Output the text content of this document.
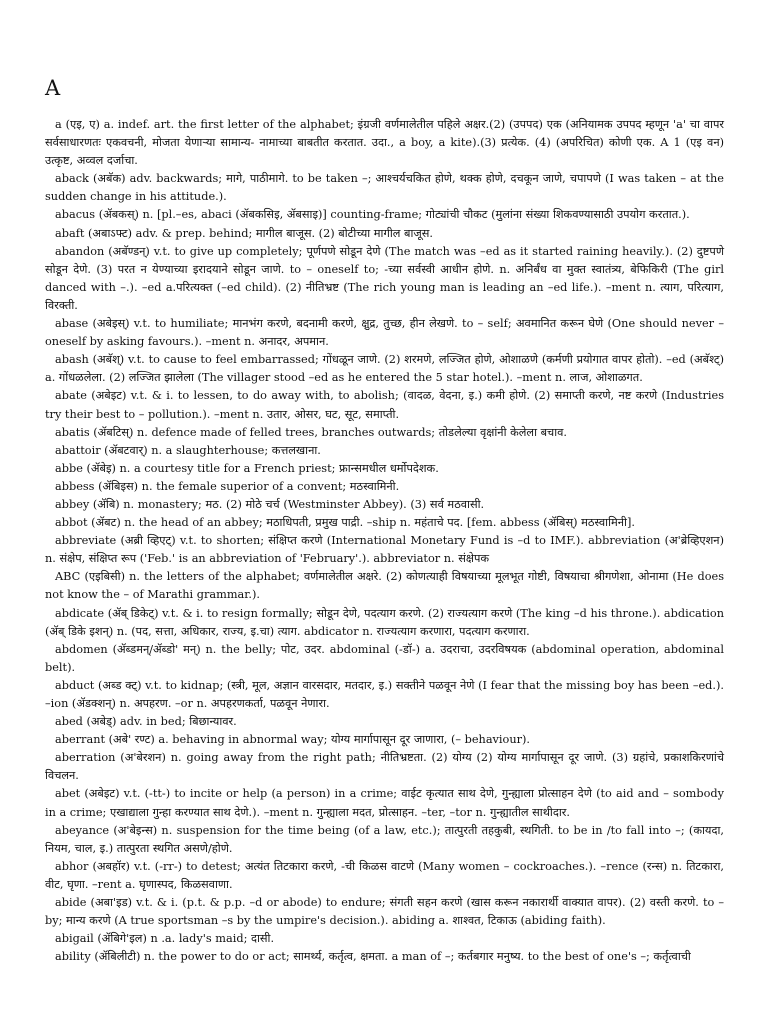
A

a (एइ, ए) a. indef. art. the first letter of the alphabet; इंग्रजी वर्णमालेतील पहिले अक्षर.(2) (उपपद) एक (अनियामक उपपद म्हणून 'a' चा वापर सर्वसाधारणतः एकवचनी, मोजता येणाऱ्या सामान्य- नामाच्या बाबतीत करतात. उदा., a boy, a kite).(3) प्रत्येक. (4) (अपरिचित) कोणी एक. A 1 (एइ वन) उत्कृष्ट, अव्वल दर्जाचा.

aback (अबॅक) adv. backwards; मागे, पाठीमागे. to be taken –; आश्चर्यचकित होणे, थक्क होणे, दचकून जाणे, चपापणे (I was taken – at the sudden change in his attitude.).

abacus (ॲबकस्) n. [pl.–es, abaci (ॲबकसिइ, ॲबसाइ)] counting-frame; गोट्यांची चौकट (मुलांना संख्या शिकवण्यासाठी उपयोग करतात.).

abaft (अबाऽफ्ट) adv. & prep. behind; मागील बाजूस. (2) बोटीच्या मागील बाजूस.

abandon (अबॅण्डन्) v.t. to give up completely; पूर्णपणे सोडून देणे (The match was –ed as it started raining heavily.). (2) दुष्टपणे सोडून देणे. (3) परत न येण्याच्या इरादयाने सोडून जाणे. to – oneself to; -च्या सर्वस्वी आधीन होणे. n. अनिर्बंध वा मुक्त स्वातंत्र्य, बेफिकिरी (The girl danced with –.). –ed a.परित्यक्त (–ed child). (2) नीतिभ्रष्ट (The rich young man is leading an –ed life.). –ment n. त्याग, परित्याग, विरक्ती.

abase (अबेइस्) v.t. to humiliate; मानभंग करणे, बदनामी करणे, क्षुद्र, तुच्छ, हीन लेखणे. to – self; अवमानित करून घेणे (One should never – oneself by asking favours.). –ment n. अनादर, अपमान.

abash (अबॅश्) v.t. to cause to feel embarrassed; गोंधळून जाणे. (2) शरमणे, लज्जित होणे, ओशाळणे (कर्मणी प्रयोगात वापर होतो). –ed (अबॅश्ट्) a. गोंधळलेला. (2) लज्जित झालेला (The villager stood –ed as he entered the 5 star hotel.). –ment n. लाज, ओशाळगत.

abate (अबेइट) v.t. & i. to lessen, to do away with, to abolish; (वादळ, वेदना, इ.) कमी होणे. (2) समाप्ती करणे, नष्ट करणे (Industries try their best to – pollution.). –ment n. उतार, ओसर, घट, सूट, समाप्ती.

abatis (ॲबटिस्) n. defence made of felled trees, branches outwards; तोडलेल्या वृक्षांनी केलेला बचाव.

abattoir (ॲबटवार्) n. a slaughterhouse; कत्तलखाना.

abbe (ॲबेइ) n. a courtesy title for a French priest; फ्रान्समधील धर्मोपदेशक.

abbess (ॲबिइस) n. the female superior of a convent; मठस्वामिनी.

abbey (ॲबि) n. monastery; मठ. (2) मोठे चर्च (Westminster Abbey). (3) सर्व मठवासी.

abbot (ॲबट) n. the head of an abbey; मठाधिपती, प्रमुख पाद्री. –ship n. महंताचे पद. [fem. abbess (ॲबिस्) मठस्वामिनी].

abbreviate (अब्री व्हिएट्) v.t. to shorten; संक्षिप्त करणे (International Monetary Fund is –d to IMF.). abbreviation (अ'ब्रेव्हिएशन) n. संक्षेप, संक्षिप्त रूप ('Feb.' is an abbreviation of 'February'.). abbreviator n. संक्षेपक

ABC (एइबिसी) n. the letters of the alphabet; वर्णमालेतील अक्षरे. (2) कोणत्याही विषयाच्या मूलभूत गोष्टी, विषयाचा श्रीगणेशा, ओनामा (He does not know the – of Marathi grammar.).

abdicate (ॲब् डिकेट्) v.t. & i. to resign formally; सोडून देणे, पदत्याग करणे. (2) राज्यत्याग करणे (The king –d his throne.). abdication (ॲब् डिके इशन्) n. (पद, सत्ता, अधिकार, राज्य, इ.चा) त्याग. abdicator n. राज्यत्याग करणारा, पदत्याग करणारा.

abdomen (ॲब्डमन्/ॲब्डो' मन्) n. the belly; पोट, उदर. abdominal (-डॉ-) a. उदराचा, उदरविषयक (abdominal operation, abdominal belt).

abduct (अब्ड क्ट्) v.t. to kidnap; (स्त्री, मूल, अज्ञान वारसदार, मतदार, इ.) सक्तीने पळवून नेणे (I fear that the missing boy has been –ed.). –ion (ॲडक्शन्) n. अपहरण. –or n. अपहरणकर्ता, पळवून नेणारा.

abed (अबेड्) adv. in bed; बिछान्यावर.

aberrant (अबे' रण्ट) a. behaving in abnormal way; योग्य मार्गापासून दूर जाणारा, (– behaviour).

aberration (अ'बेरशन) n. going away from the right path; नीतिभ्रष्टता. (2) योग्य (2) योग्य मार्गापासून दूर जाणे. (3) ग्रहांचे, प्रकाशकिरणांचे विचलन.

abet (अबेइट) v.t. (-tt-) to incite or help (a person) in a crime; वाईट कृत्यात साथ देणे, गुन्ह्याला प्रोत्साहन देणे (to aid and – sombody in a crime; एखाद्याला गुन्हा करण्यात साथ देणे.). –ment n. गुन्ह्याला मदत, प्रोत्साहन. –ter, –tor n. गुन्ह्यातील साथीदार.

abeyance (अ'बेइन्स) n. suspension for the time being (of a law, etc.); तात्पुरती तहकुबी, स्थगिती. to be in /to fall into –; (कायदा, नियम, चाल, इ.) तात्पुरता स्थगित असणे/होणे.

abhor (अबहॉर) v.t. (-rr-) to detest; अत्यंत तिटकारा करणे, -ची किळस वाटणे (Many women – cockroaches.). –rence (रन्स) n. तिटकारा, वीट, घृणा. –rent a. घृणास्पद, किळसवाणा.

abide (अबा'इड) v.t. & i. (p.t. & p.p. –d or abode) to endure; संगती सहन करणे (खास करून नकारार्थी वाक्यात वापर). (2) वस्ती करणे. to – by; मान्य करणे (A true sportsman –s by the umpire's decision.). abiding a. शाश्वत, टिकाऊ (abiding faith).

abigail (ॲबिगे'इल) n .a. lady's maid; दासी.

ability (ॲबिलीटी) n. the power to do or act; सामर्थ्य, कर्तृत्व, क्षमता. a man of –; कर्तबगार मनुष्य. to the best of one's –; कर्तृत्वाची
